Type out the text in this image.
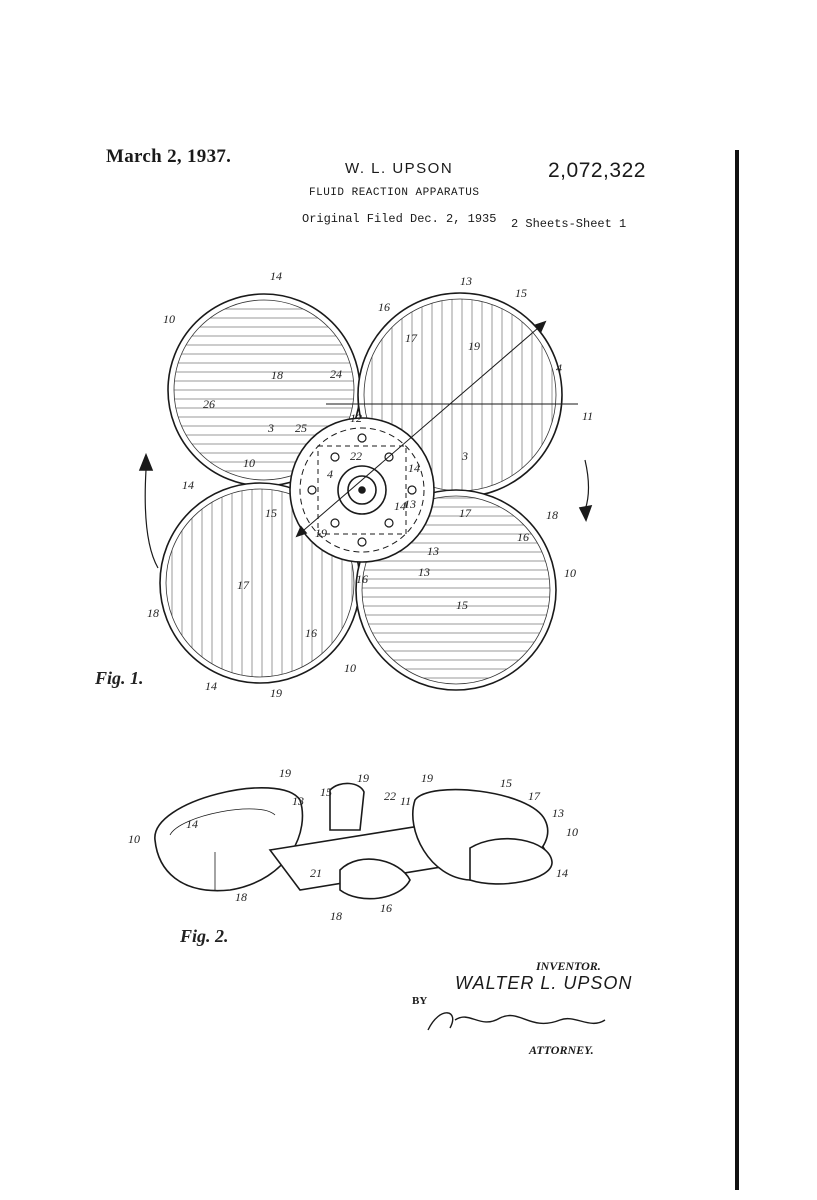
March 2, 1937.
W. L. UPSON	2,072,322
FLUID REACTION APPARATUS
Original Filed Dec. 2, 1935 2 Sheets-Sheet 1
Fig. 1.
Fig. 2.
14
10
13
16
15
17
18
19
4
24
26
12	11
3 25
22
14
4
3
10
14
13
15	17	18
19	16
13
14
16	10
13
17
15
18
16
10
14	19
19
15
19	19
13	22 11
15
17
14
10
13
10
21
18
18
16
14
INVENTOR.
WALTER L. UPSON
BY
ATTORNEY.
